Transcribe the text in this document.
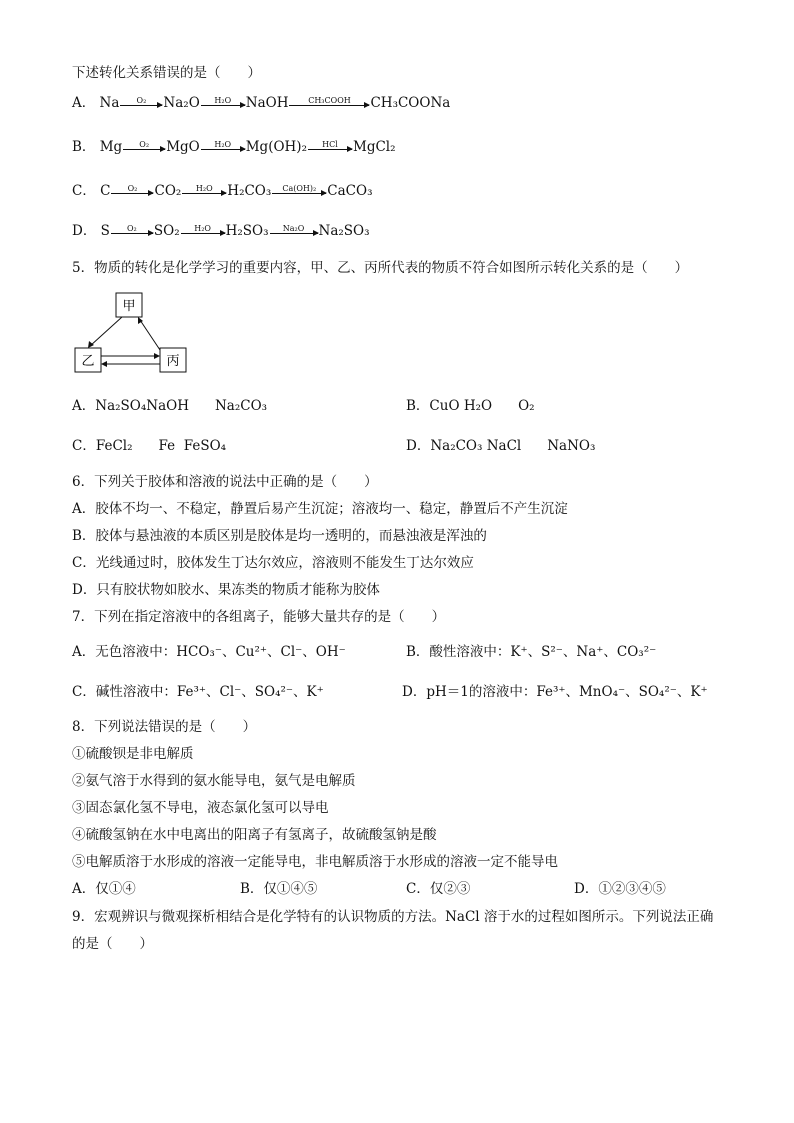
下述转化关系错误的是（　　）
A． Na O₂ Na₂O H₂O NaOH CH₃COOH CH₃COONa
B． Mg O₂ MgO H₂O Mg(OH)₂ HCl MgCl₂
C． C O₂ CO₂ H₂O H₂CO₃ Ca(OH)₂ CaCO₃
D． S O₂ SO₂ H₂O H₂SO₃ Na₂O Na₂SO₃
5．物质的转化是化学学习的重要内容，甲、乙、丙所代表的物质不符合如图所示转化关系的是（　　）
甲
乙	丙
A．Na₂SO₄NaOH Na₂CO₃	B．CuO H₂O O₂
C．FeCl₂ Fe FeSO₄	D．Na₂CO₃ NaCl NaNO₃
6．下列关于胶体和溶液的说法中正确的是（　　）
A．胶体不均一、不稳定，静置后易产生沉淀；溶液均一、稳定，静置后不产生沉淀
B．胶体与悬浊液的本质区别是胶体是均一透明的，而悬浊液是浑浊的
C．光线通过时，胶体发生丁达尔效应，溶液则不能发生丁达尔效应
D．只有胶状物如胶水、果冻类的物质才能称为胶体
7．下列在指定溶液中的各组离子，能够大量共存的是（　　）
A．无色溶液中：HCO₃⁻、Cu²⁺、Cl⁻、OH⁻	B．酸性溶液中：K⁺、S²⁻、Na⁺、CO₃²⁻
C．碱性溶液中：Fe³⁺、Cl⁻、SO₄²⁻、K⁺	D．pH＝1的溶液中：Fe³⁺、MnO₄⁻、SO₄²⁻、K⁺
8．下列说法错误的是（　　）
①硫酸钡是非电解质
②氨气溶于水得到的氨水能导电，氨气是电解质
③固态氯化氢不导电，液态氯化氢可以导电
④硫酸氢钠在水中电离出的阳离子有氢离子，故硫酸氢钠是酸
⑤电解质溶于水形成的溶液一定能导电，非电解质溶于水形成的溶液一定不能导电
A．仅①④	B．仅①④⑤	C．仅②③	D．①②③④⑤
9．宏观辨识与微观探析相结合是化学特有的认识物质的方法。NaCl 溶于水的过程如图所示。下列说法正确
的是（　　）
